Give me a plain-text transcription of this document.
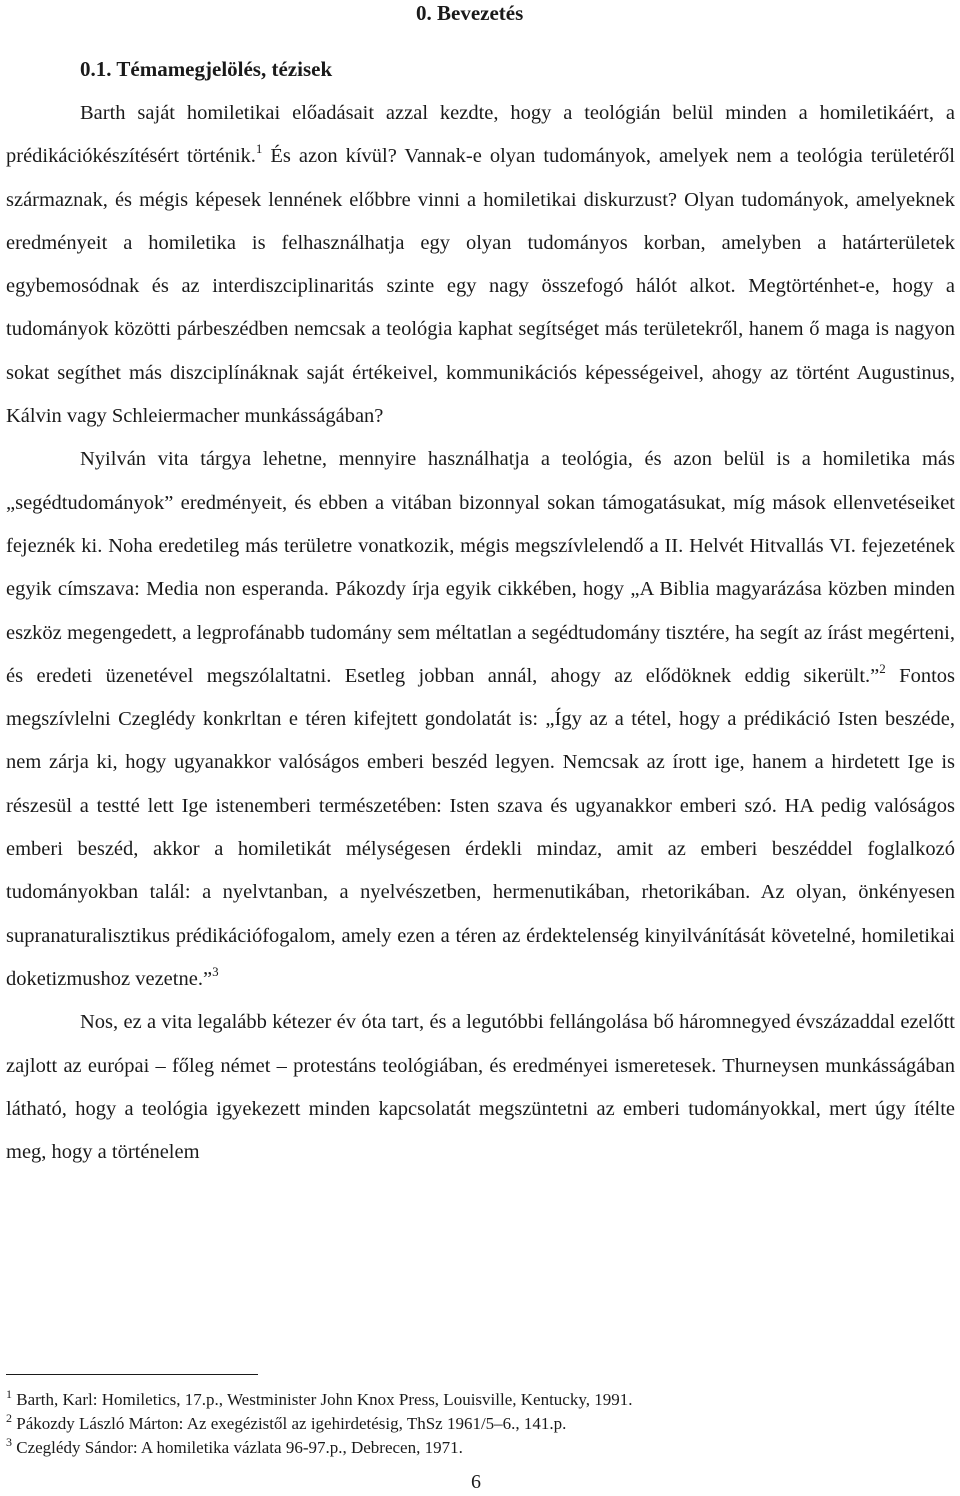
0. Bevezetés
0.1. Témamegjelölés, tézisek

Barth saját homiletikai előadásait azzal kezdte, hogy a teológián belül minden a homiletikáért, a prédikációkészítésért történik.$^1$ És azon kívül? Vannak-e olyan tudományok, amelyek nem a teológia területéről származnak, és mégis képesek lennének előbbre vinni a homiletikai diskurzust? Olyan tudományok, amelyeknek eredményeit a homiletika is felhasználhatja egy olyan tudományos korban, amelyben a határterületek egybemosódnak és az interdiszciplinaritás szinte egy nagy összefogó hálót alkot. Megtörténhet-e, hogy a tudományok közötti párbeszédben nemcsak a teológia kaphat segítséget más területekről, hanem ő maga is nagyon sokat segíthet más diszciplínáknak saját értékeivel, kommunikációs képességeivel, ahogy az történt Augustinus, Kálvin vagy Schleiermacher munkásságában?

Nyilván vita tárgya lehetne, mennyire használhatja a teológia, és azon belül is a homiletika más „segédtudományok” eredményeit, és ebben a vitában bizonnyal sokan támogatásukat, míg mások ellenvetéseiket fejeznék ki. Noha eredetileg más területre vonatkozik, mégis megszívlelendő a II. Helvét Hitvallás VI. fejezetének egyik címszava: Media non esperanda. Pákozdy írja egyik cikkében, hogy „A Biblia magyarázása közben minden eszköz megengedett, a legprofánabb tudomány sem méltatlan a segédtudomány tisztére, ha segít az írást megérteni, és eredeti üzenetével megszólaltatni. Esetleg jobban annál, ahogy az elődöknek eddig sikerült.”$^2$ Fontos megszívlelni Czeglédy konkrltan e téren kifejtett gondolatát is: „Így az a tétel, hogy a prédikáció Isten beszéde, nem zárja ki, hogy ugyanakkor valóságos emberi beszéd legyen. Nemcsak az írott ige, hanem a hirdetett Ige is részesül a testté lett Ige istenemberi természetében: Isten szava és ugyanakkor emberi szó. HA pedig valóságos emberi beszéd, akkor a homiletikát mélységesen érdekli mindaz, amit az emberi beszéddel foglalkozó tudományokban talál: a nyelvtanban, a nyelvészetben, hermenutikában, rhetorikában. Az olyan, önkényesen supranaturalisztikus prédikációfogalom, amely ezen a téren az érdektelenség kinyilvánítását követelné, homiletikai doketizmushoz vezetne.”$^3$

Nos, ez a vita legalább kétezer év óta tart, és a legutóbbi fellángolása bő háromnegyed évszázaddal ezelőtt zajlott az európai – főleg német – protestáns teológiában, és eredményei ismeretesek. Thurneysen munkásságában látható, hogy a teológia igyekezett minden kapcsolatát megszüntetni az emberi tudományokkal, mert úgy ítélte meg, hogy a történelem

$^1$ Barth, Karl: Homiletics, 17.p., Westminister John Knox Press, Louisville, Kentucky, 1991.

$^2$ Pákozdy László Márton: Az exegézistől az igehirdetésig, ThSz 1961/5–6., 141.p.

$^3$ Czeglédy Sándor: A homiletika vázlata 96-97.p., Debrecen, 1971.

6
